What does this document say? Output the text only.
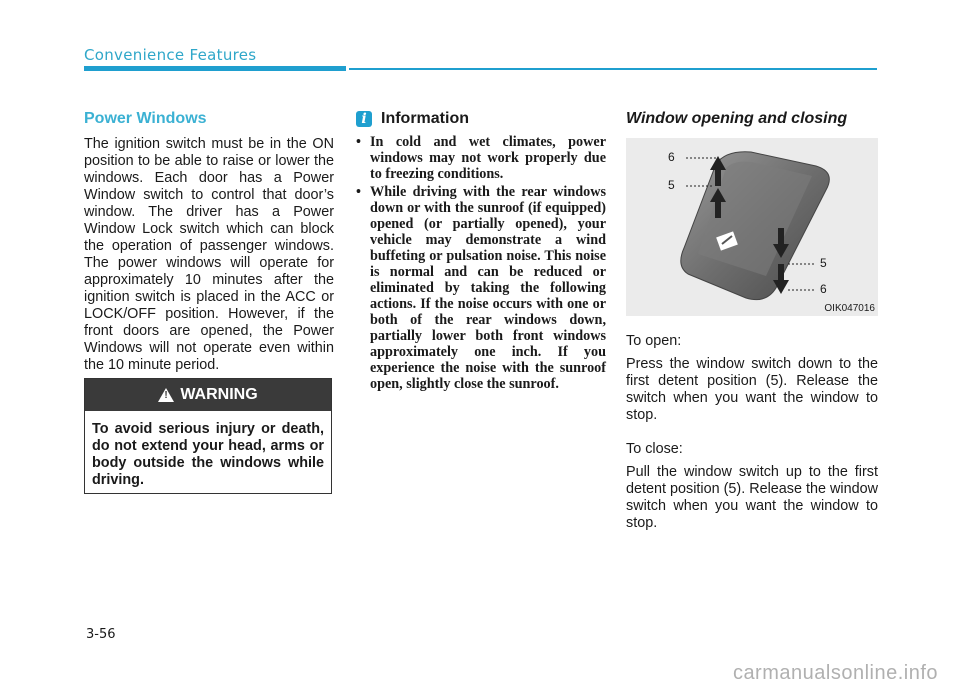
Convenience Features
Power Windows

The ignition switch must be in the ON position to be able to raise or lower the windows. Each door has a Power Window switch to control that door’s window. The driver has a Power Window Lock switch which can block the operation of passenger windows. The power windows will operate for approximately 10 minutes after the ignition switch is placed in the ACC or LOCK/OFF position. However, if the front doors are opened, the Power Windows will not operate even within the 10 minute period.

!
WARNING

To avoid serious injury or death, do not extend your head, arms or body outside the windows while driving.

i Information
• In cold and wet climates, power windows may not work properly due to freezing conditions.
• While driving with the rear windows down or with the sunroof (if equipped) opened (or partially opened), your vehicle may demonstrate a wind buffeting or pulsation noise. This noise is normal and can be reduced or eliminated by taking the following actions. If the noise occurs with one or both of the rear windows down, partially lower both front windows approximately one inch. If you experience the noise with the sunroof open, slightly close the sunroof.
Window opening and closing
6
5
5
6
OIK047016

To open:

Press the window switch down to the first detent position (5). Release the switch when you want the window to stop.

To close:

Pull the window switch up to the first detent position (5). Release the window switch when you want the window to stop.

3-56
carmanualsonline.info
